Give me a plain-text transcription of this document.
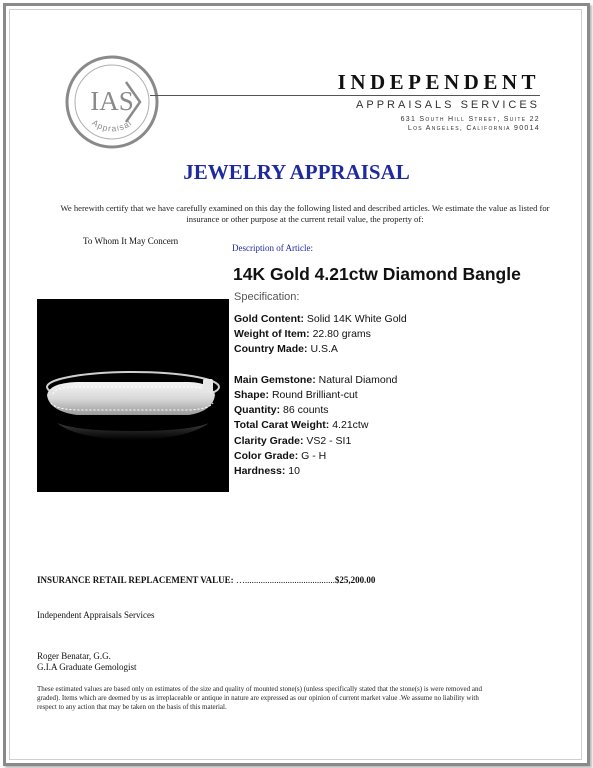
IAS
Appraisal
INDEPENDENT
APPRAISALS SERVICES
631 South Hill Street, Suite 22
Los Angeles, California 90014
JEWELRY APPRAISAL
We herewith certify that we have carefully examined on this day the following listed and described articles. We estimate the value as listed for insurance or other purpose at the current retail value, the property of:
To Whom It May Concern
Description of Article:
14K Gold 4.21ctw Diamond Bangle
Specification:
Gold Content: Solid 14K White Gold
Weight of Item: 22.80 grams
Country Made: U.S.A
Main Gemstone: Natural Diamond
Shape: Round Brilliant-cut
Quantity: 86 counts
Total Carat Weight: 4.21ctw
Clarity Grade: VS2 - SI1
Color Grade: G - H
Hardness: 10
INSURANCE RETAIL REPLACEMENT VALUE: …........................................$25,200.00
Independent Appraisals Services
Roger Benatar, G.G.
G.I.A Graduate Gemologist
These estimated values are based only on estimates of the size and quality of mounted stone(s) (unless specifically stated that the stone(s) is were removed and graded). Items which are deemed by us as irreplaceable or antique in nature are expressed as our opinion of current market value .We assume no liability with respect to any action that may be taken on the basis of this material.
